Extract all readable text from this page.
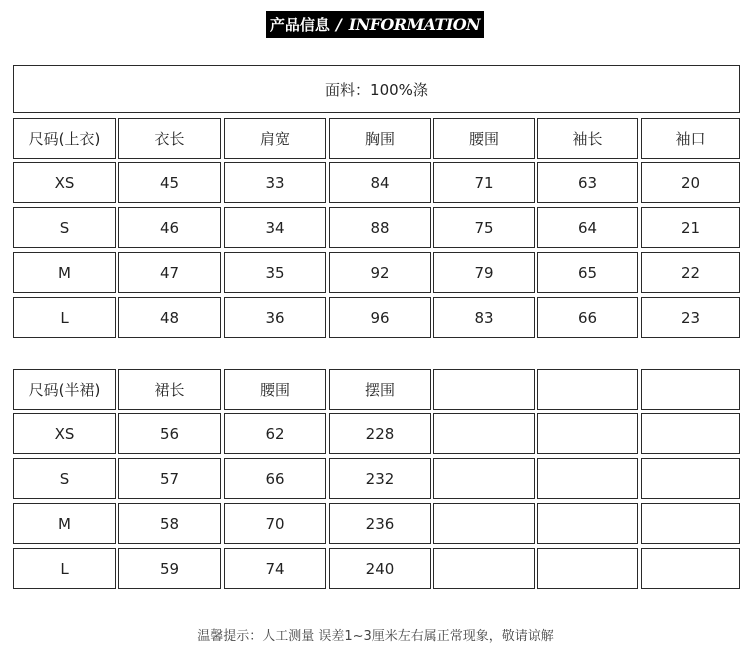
产品信息 / INFORMATION
面料：100%涤
尺码(上衣)	衣长	肩宽	胸围	腰围	袖长	袖口
XS	45	33	84	71	63	20
S	46	34	88	75	64	21
M	47	35	92	79	65	22
L	48	36	96	83	66	23
尺码(半裙)	裙长	腰围	摆围
XS	56	62	228
S	57	66	232
M	58	70	236
L	59	74	240
温馨提示：人工测量 误差1~3厘米左右属正常现象，敬请谅解
